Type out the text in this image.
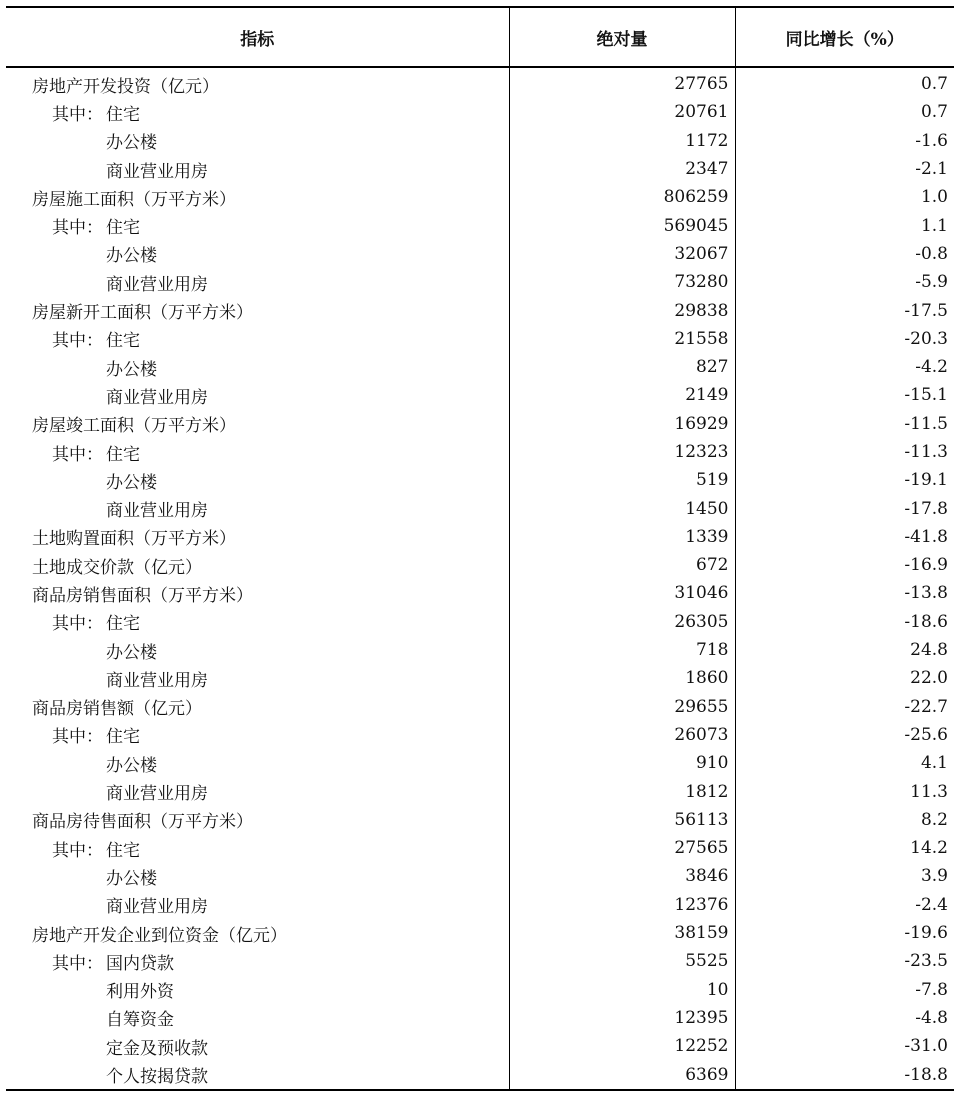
指标	绝对量	同比增长（%）
房地产开发投资（亿元）	27765	0.7
其中： 住宅	20761	0.7
办公楼	1172	-1.6
商业营业用房	2347	-2.1
房屋施工面积（万平方米）	806259	1.0
其中： 住宅	569045	1.1
办公楼	32067	-0.8
商业营业用房	73280	-5.9
房屋新开工面积（万平方米）	29838	-17.5
其中： 住宅	21558	-20.3
办公楼	827	-4.2
商业营业用房	2149	-15.1
房屋竣工面积（万平方米）	16929	-11.5
其中： 住宅	12323	-11.3
办公楼	519	-19.1
商业营业用房	1450	-17.8
土地购置面积（万平方米）	1339	-41.8
土地成交价款（亿元）	672	-16.9
商品房销售面积（万平方米）	31046	-13.8
其中： 住宅	26305	-18.6
办公楼	718	24.8
商业营业用房	1860	22.0
商品房销售额（亿元）	29655	-22.7
其中： 住宅	26073	-25.6
办公楼	910	4.1
商业营业用房	1812	11.3
商品房待售面积（万平方米）	56113	8.2
其中： 住宅	27565	14.2
办公楼	3846	3.9
商业营业用房	12376	-2.4
房地产开发企业到位资金（亿元）	38159	-19.6
其中： 国内贷款	5525	-23.5
利用外资	10	-7.8
自筹资金	12395	-4.8
定金及预收款	12252	-31.0
个人按揭贷款	6369	-18.8
